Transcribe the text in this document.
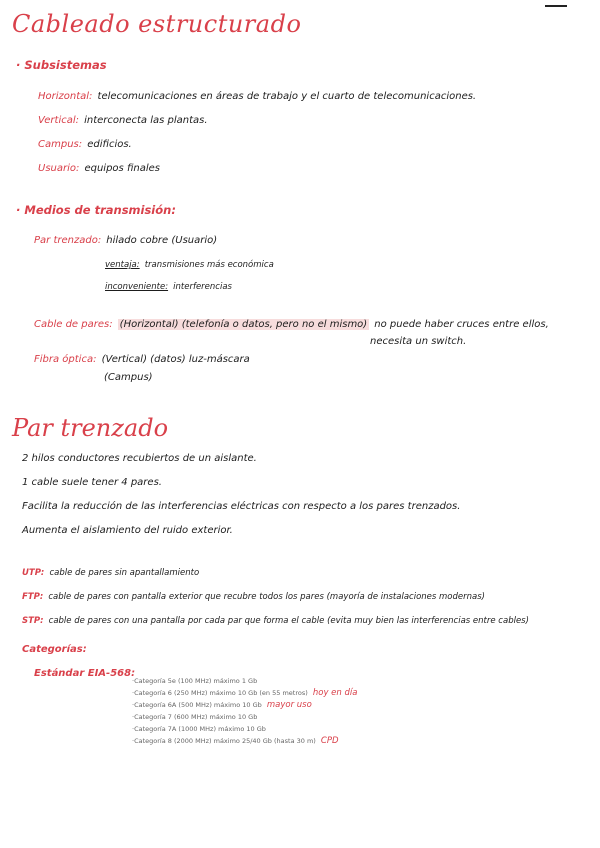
Cableado estructurado
· Subsistemas
Horizontal: telecomunicaciones en áreas de trabajo y el cuarto de telecomunicaciones.
Vertical: interconecta las plantas.
Campus: edificios.
Usuario: equipos finales
· Medios de transmisión:
Par trenzado: hilado cobre (Usuario)
ventaja: transmisiones más económica
inconveniente: interferencias
Cable de pares: (Horizontal) (telefonía o datos, pero no el mismo) no puede haber cruces entre ellos,
necesita un switch.
Fibra óptica: (Vertical) (datos) luz-máscara
(Campus)
Par trenzado
2 hilos conductores recubiertos de un aislante.
1 cable suele tener 4 pares.
Facilita la reducción de las interferencias eléctricas con respecto a los pares trenzados.
Aumenta el aislamiento del ruido exterior.
UTP: cable de pares sin apantallamiento
FTP: cable de pares con pantalla exterior que recubre todos los pares (mayoría de instalaciones modernas)
STP: cable de pares con una pantalla por cada par que forma el cable (evita muy bien las interferencias entre cables)
Categorías:
Estándar EIA-568:
·Categoría 5e (100 MHz) máximo 1 Gb
·Categoría 6 (250 MHz) máximo 10 Gb (en 55 metros) hoy en día
·Categoría 6A (500 MHz) máximo 10 Gb mayor uso
·Categoría 7 (600 MHz) máximo 10 Gb
·Categoría 7A (1000 MHz) máximo 10 Gb
·Categoría 8 (2000 MHz) máximo 25/40 Gb (hasta 30 m) CPD
